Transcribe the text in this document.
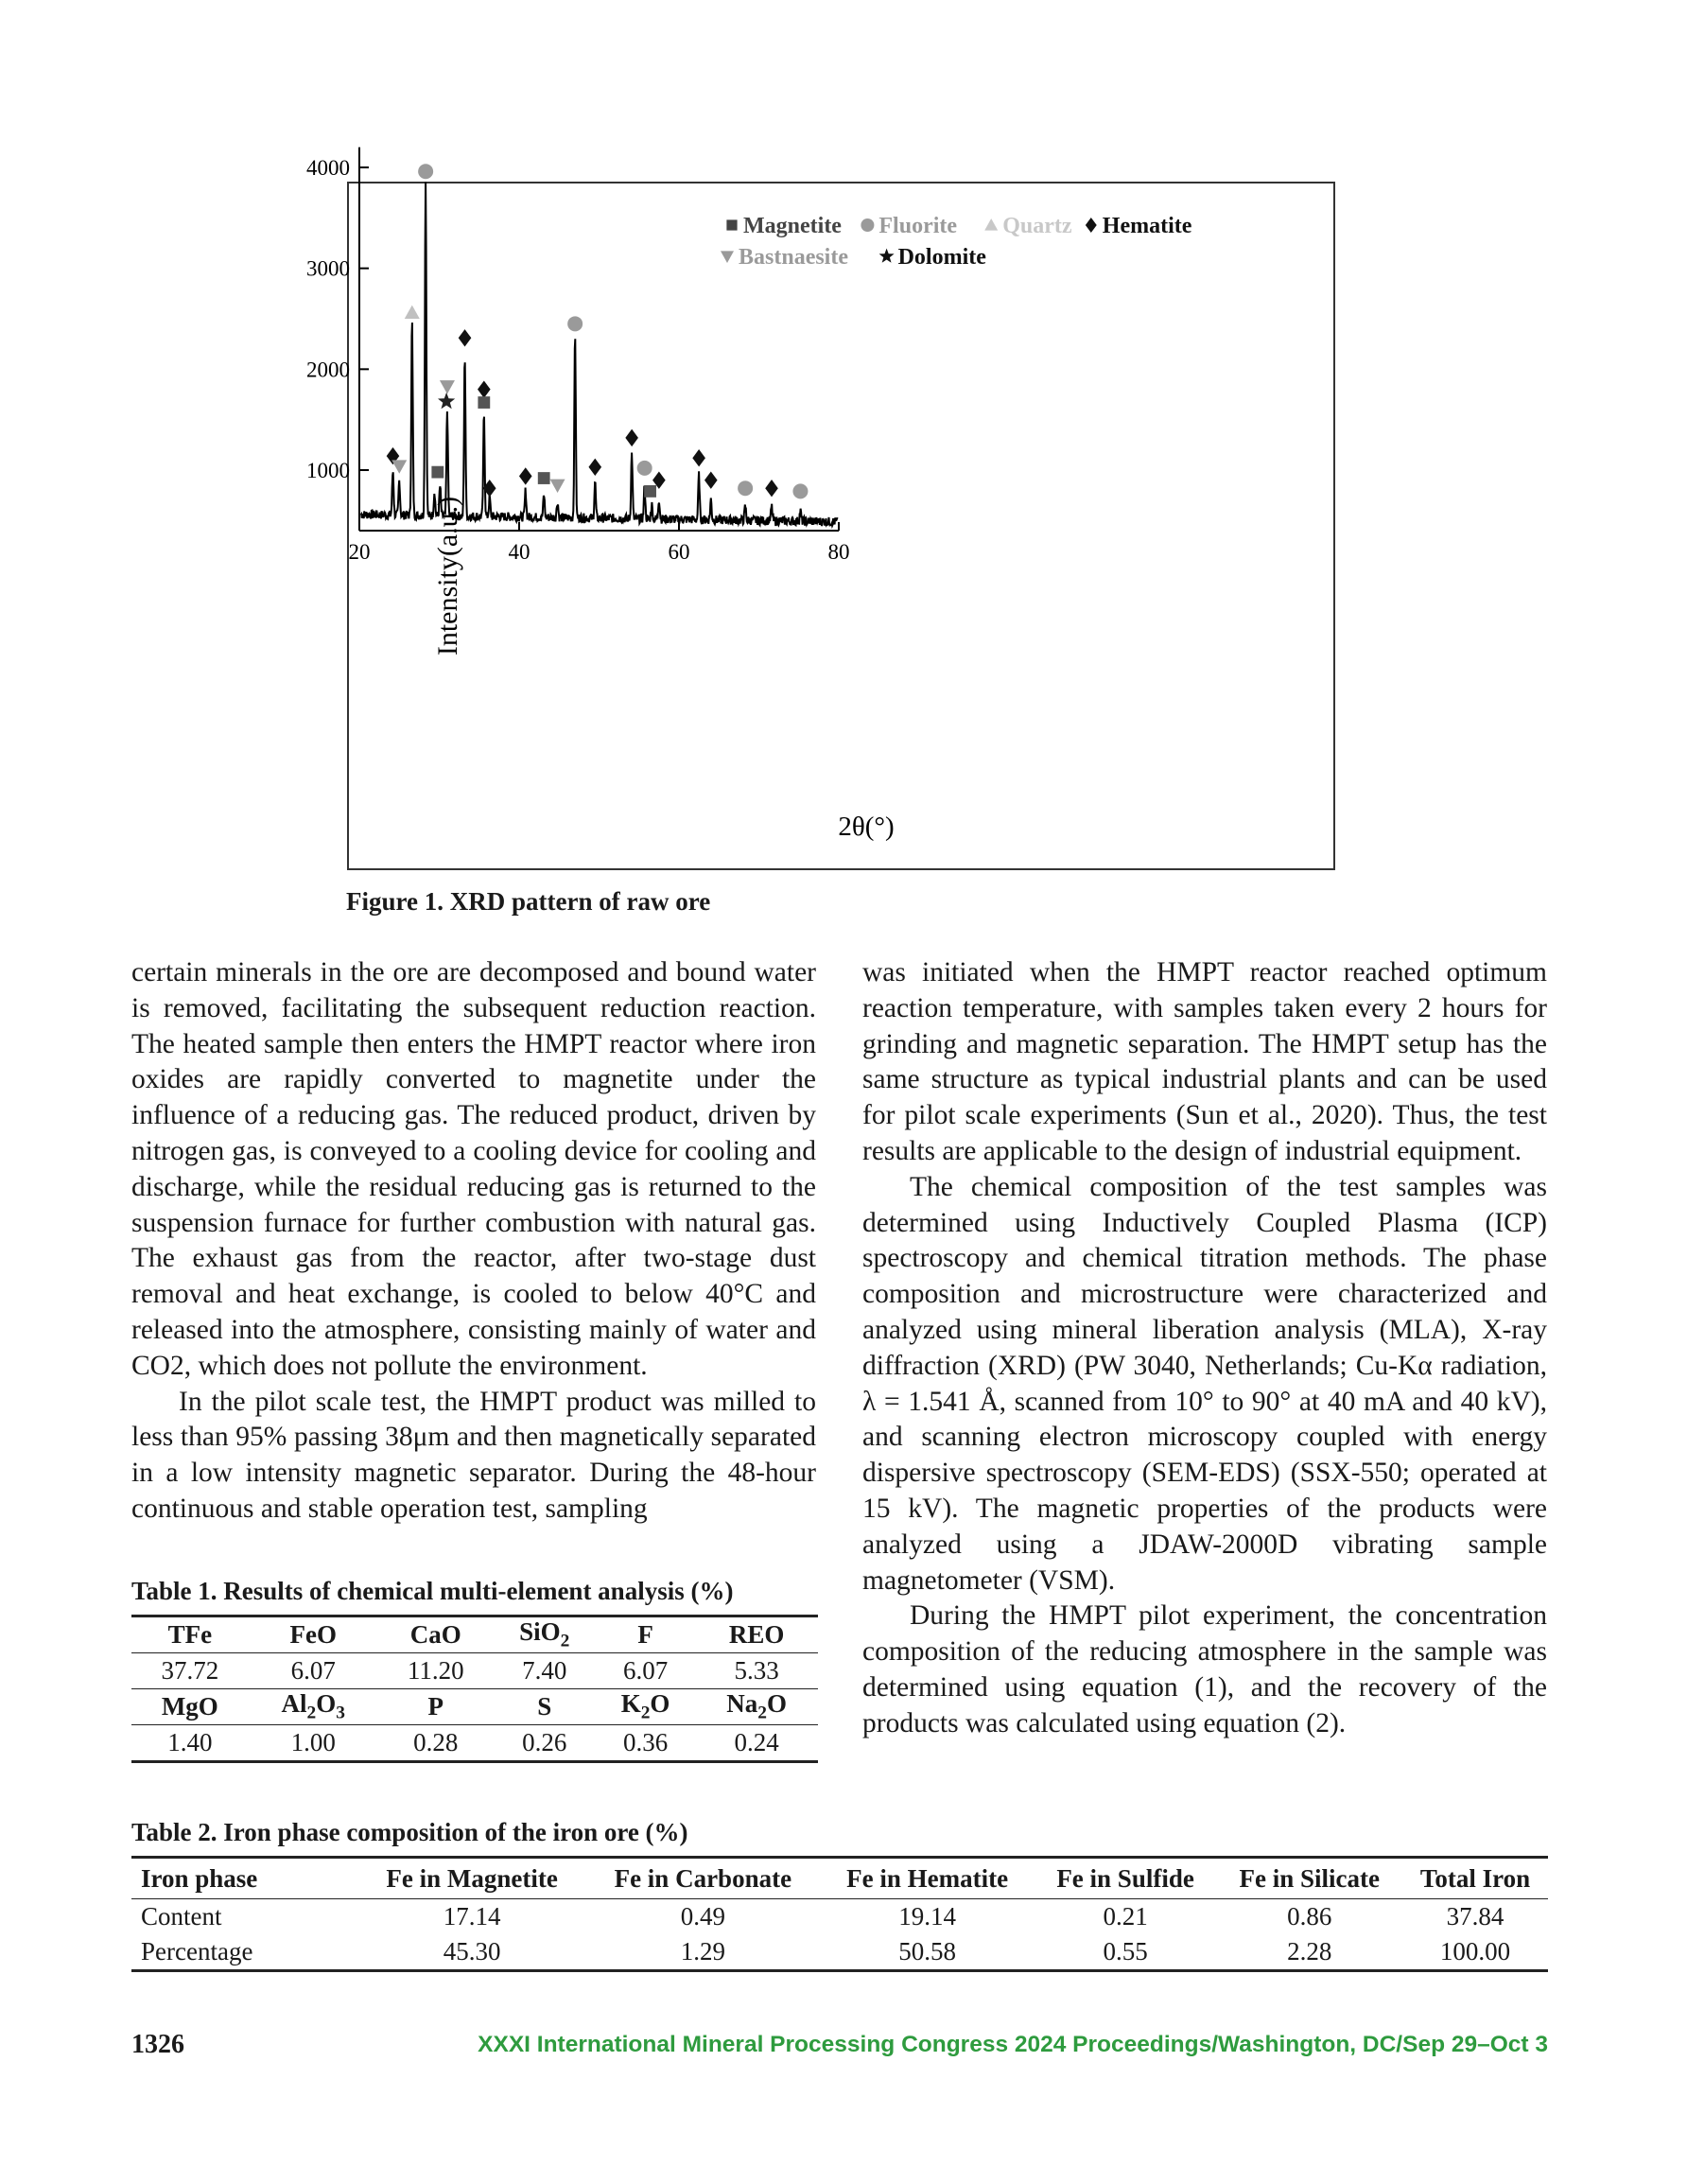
1000
2000
3000
4000
20	40	60	80
Magnetite Fluorite Quartz Hematite
Bastnaesite Dolomite
Intensity(a.u.)
2θ(°)
Figure 1. XRD pattern of raw ore

certain minerals in the ore are decomposed and bound water is removed, facilitating the subsequent reduction reaction. The heated sample then enters the HMPT reactor where iron oxides are rapidly converted to magnetite under the influence of a reducing gas. The reduced product, driven by nitrogen gas, is conveyed to a cooling device for cooling and discharge, while the residual reducing gas is returned to the suspension furnace for further combustion with natural gas. The exhaust gas from the reactor, after two-stage dust removal and heat exchange, is cooled to below 40°C and released into the atmosphere, consisting mainly of water and CO2, which does not pollute the environment.

In the pilot scale test, the HMPT product was milled to less than 95% passing 38μm and then magnetically separated in a low intensity magnetic separator. During the 48-hour continuous and stable operation test, sampling

was initiated when the HMPT reactor reached optimum reaction temperature, with samples taken every 2 hours for grinding and magnetic separation. The HMPT setup has the same structure as typical industrial plants and can be used for pilot scale experiments (Sun et al., 2020). Thus, the test results are applicable to the design of industrial equipment.

The chemical composition of the test samples was determined using Inductively Coupled Plasma (ICP) spectroscopy and chemical titration methods. The phase composition and microstructure were characterized and analyzed using mineral liberation analysis (MLA), X-ray diffraction (XRD) (PW 3040, Netherlands; Cu-Kα radiation, λ = 1.541 Å, scanned from 10° to 90° at 40 mA and 40 kV), and scanning electron microscopy coupled with energy dispersive spectroscopy (SEM-EDS) (SSX-550; operated at 15 kV). The magnetic properties of the products were analyzed using a JDAW-2000D vibrating sample magnetometer (VSM).

During the HMPT pilot experiment, the concentration composition of the reducing atmosphere in the sample was determined using equation (1), and the recovery of the products was calculated using equation (2).

Table 1. Results of chemical multi-element analysis (%)
TFe	FeO	CaO	SiO$_2$	F	REO
37.72	6.07	11.20	7.40	6.07	5.33
MgO	$Al_2O_3$	P	S	$K_2O$	$Na_2O$
1.40	1.00	0.28	0.26	0.36	0.24
Table 2. Iron phase composition of the iron ore (%)
Iron phase	Fe in Magnetite	Fe in Carbonate	Fe in Hematite	Fe in Sulfide	Fe in Silicate	Total Iron
Content	17.14	0.49	19.14	0.21	0.86	37.84
Percentage	45.30	1.29	50.58	0.55	2.28	100.00
1326	XXXI International Mineral Processing Congress 2024 Proceedings/Washington, DC/Sep 29–Oct 3
